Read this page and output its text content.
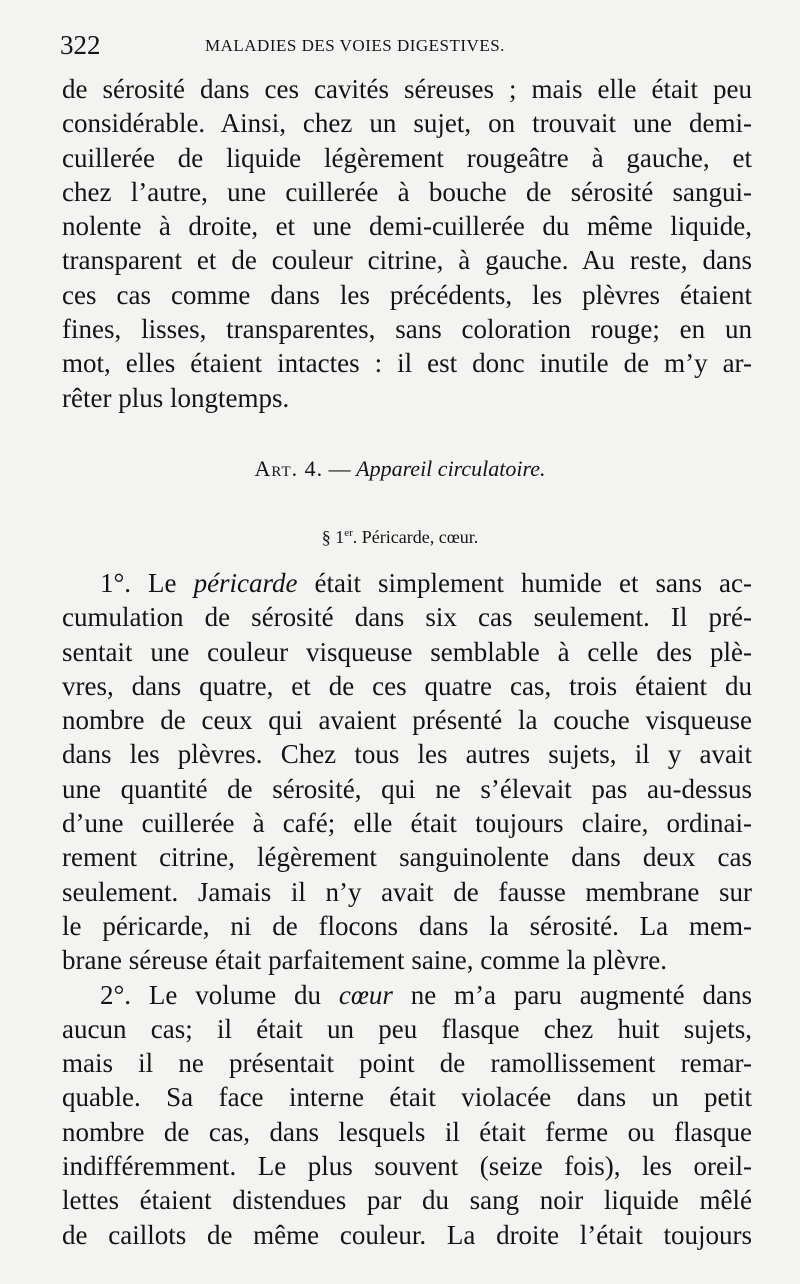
322	MALADIES DES VOIES DIGESTIVES.
de sérosité dans ces cavités séreuses ; mais elle était peu
considérable. Ainsi, chez un sujet, on trouvait une demi-
cuillerée de liquide légèrement rougeâtre à gauche, et
chez l’autre, une cuillerée à bouche de sérosité sangui-
nolente à droite, et une demi-cuillerée du même liquide,
transparent et de couleur citrine, à gauche. Au reste, dans
ces cas comme dans les précédents, les plèvres étaient
fines, lisses, transparentes, sans coloration rouge; en un
mot, elles étaient intactes : il est donc inutile de m’y ar-
rêter plus longtemps.
Art. 4. — Appareil circulatoire.
§ 1er. Péricarde, cœur.
1°. Le péricarde était simplement humide et sans ac-
cumulation de sérosité dans six cas seulement. Il pré-
sentait une couleur visqueuse semblable à celle des plè-
vres, dans quatre, et de ces quatre cas, trois étaient du
nombre de ceux qui avaient présenté la couche visqueuse
dans les plèvres. Chez tous les autres sujets, il y avait
une quantité de sérosité, qui ne s’élevait pas au-dessus
d’une cuillerée à café; elle était toujours claire, ordinai-
rement citrine, légèrement sanguinolente dans deux cas
seulement. Jamais il n’y avait de fausse membrane sur
le péricarde, ni de flocons dans la sérosité. La mem-
brane séreuse était parfaitement saine, comme la plèvre.
2°. Le volume du cœur ne m’a paru augmenté dans
aucun cas; il était un peu flasque chez huit sujets,
mais il ne présentait point de ramollissement remar-
quable. Sa face interne était violacée dans un petit
nombre de cas, dans lesquels il était ferme ou flasque
indifféremment. Le plus souvent (seize fois), les oreil-
lettes étaient distendues par du sang noir liquide mêlé
de caillots de même couleur. La droite l’était toujours
